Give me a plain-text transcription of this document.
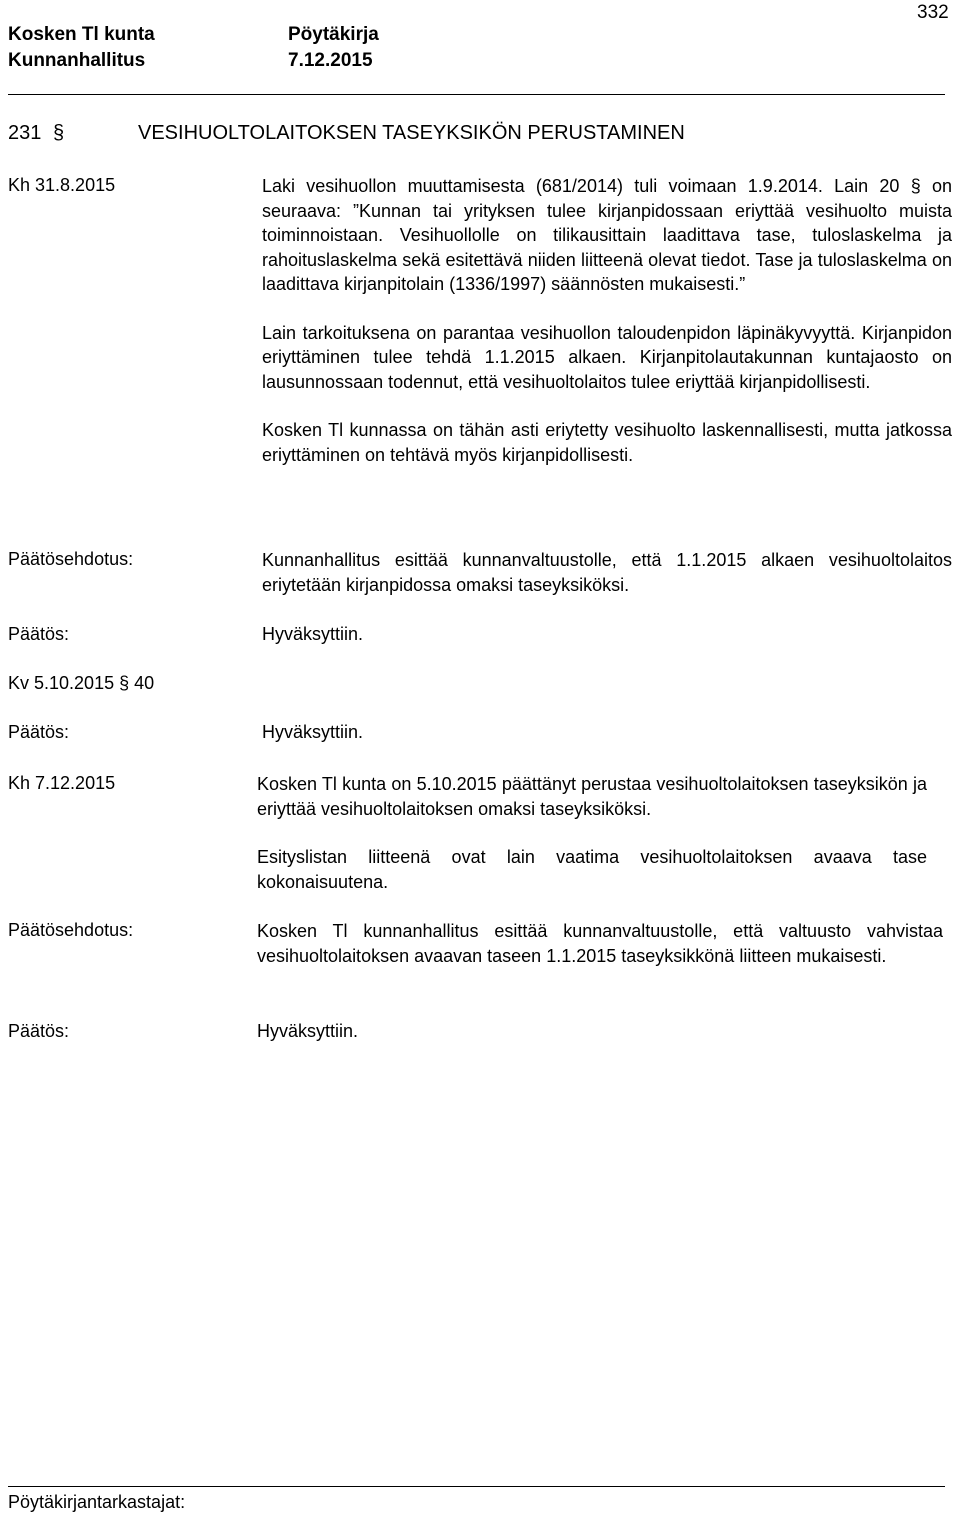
Kosken Tl kunta
Kunnanhallitus
Pöytäkirja
7.12.2015
332
231 §	VESIHUOLTOLAITOKSEN TASEYKSIKÖN PERUSTAMINEN
Kh 31.8.2015	Laki vesihuollon muuttamisesta (681/2014) tuli voimaan 1.9.2014. Lain 20 § on seuraava: ”Kunnan tai yrityksen tulee kirjanpidossaan eriyttää vesihuolto muista toiminnoistaan. Vesihuollolle on tilikausittain laadittava tase, tuloslaskelma ja rahoituslaskelma sekä esitettävä niiden liitteenä olevat tiedot. Tase ja tuloslaskelma on laadittava kirjanpitolain (1336/1997) säännösten mukaisesti.”

Lain tarkoituksena on parantaa vesihuollon taloudenpidon läpinäkyvyyttä. Kirjanpidon eriyttäminen tulee tehdä 1.1.2015 alkaen. Kirjanpitolautakunnan kuntajaosto on lausunnossaan todennut, että vesihuoltolaitos tulee eriyttää kirjanpidollisesti.

Kosken Tl kunnassa on tähän asti eriytetty vesihuolto laskennallisesti, mutta jatkossa eriyttäminen on tehtävä myös kirjanpidollisesti.

Päätösehdotus:	Kunnanhallitus esittää kunnanvaltuustolle, että 1.1.2015 alkaen vesihuoltolaitos eriytetään kirjanpidossa omaksi taseyksiköksi.
Päätös:	Hyväksyttiin.
Kv 5.10.2015 § 40
Päätös:	Hyväksyttiin.
Kh 7.12.2015	Kosken Tl kunta on 5.10.2015 päättänyt perustaa vesihuoltolaitoksen taseyksikön ja eriyttää vesihuoltolaitoksen omaksi taseyksiköksi.

Esityslistan liitteenä ovat lain vaatima vesihuoltolaitoksen avaava tase kokonaisuutena.

Päätösehdotus:	Kosken Tl kunnanhallitus esittää kunnanvaltuustolle, että valtuusto vahvistaa vesihuoltolaitoksen avaavan taseen 1.1.2015 taseyksikkönä liitteen mukaisesti.
Päätös:	Hyväksyttiin.
Pöytäkirjantarkastajat:
